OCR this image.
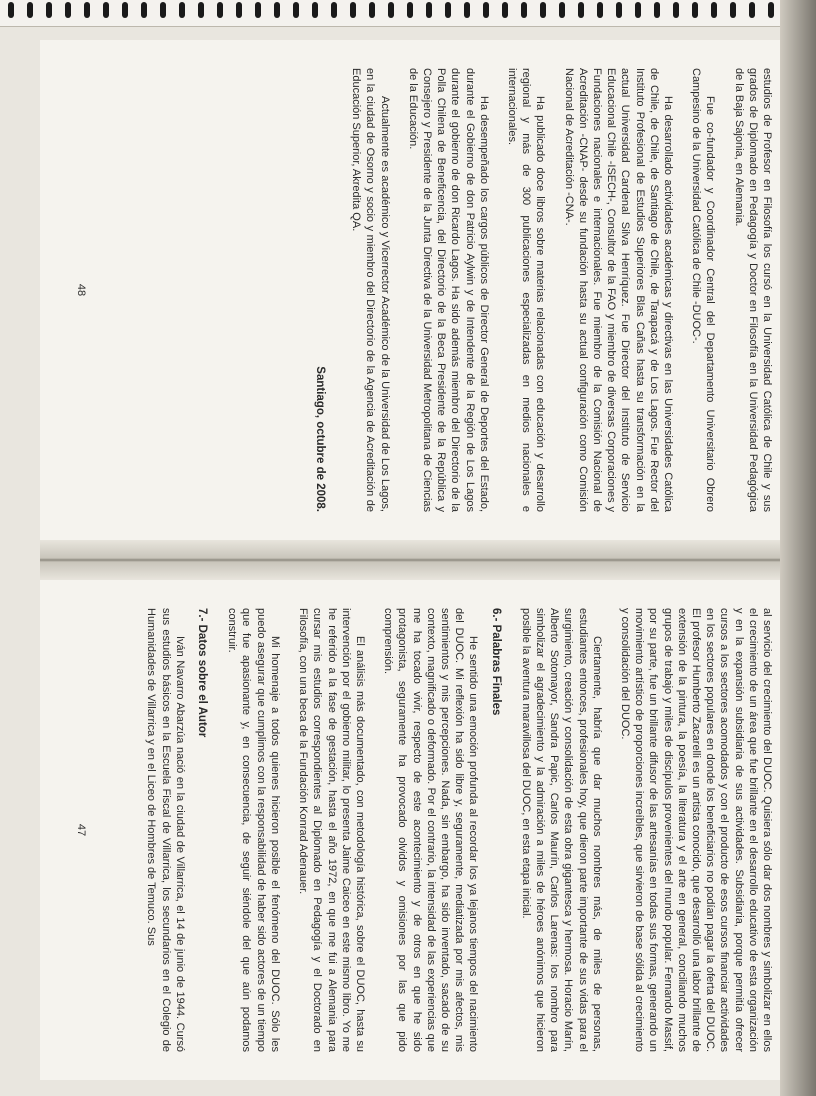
estudios de Profesor en Filosofía los cursó en la Universidad Católica de Chile y sus grados de Diplomado en Pedagogía y Doctor en Filosofía en la Universidad Pedagógica de la Baja Sajonia, en Alemania.

Fue co-fundador y Coordinador Central del Departamento Universitario Obrero Campesino de la Universidad Católica de Chile -DUOC-.

Ha desarrollado actividades académicas y directivas en las Universidades Católica de Chile, de Chile, de Santiago de Chile, de Tarapacá y de Los Lagos. Fue Rector del Instituto Profesional de Estudios Superiores Blas Cañas hasta su transformación en la actual Universidad Cardenal Silva Henríquez. Fue Director del Instituto de Servicio Educacional Chile -ISECH-, Consultor de la FAO y miembro de diversas Corporaciones y Fundaciones nacionales e internacionales. Fue miembro de la Comisión Nacional de Acreditación -CNAP- desde su fundación hasta su actual configuración como Comisión Nacional de Acreditación -CNA-.

Ha publicado doce libros sobre materias relacionadas con educación y desarrollo regional y más de 300 publicaciones especializadas en medios nacionales e internacionales.

Ha desempeñado los cargos públicos de Director General de Deportes del Estado, durante el Gobierno de don Patricio Aylwin y de Intendente de la Región de Los Lagos durante el gobierno de don Ricardo Lagos. Ha sido además miembro del Directorio de la Polla Chilena de Beneficencia, del Directorio de la Beca Presidente de la República y Consejero y Presidente de la Junta Directiva de la Universidad Metropolitana de Ciencias de la Educación.

Actualmente es académico y Vicerrector Académico de la Universidad de Los Lagos, en la ciudad de Osorno y socio y miembro del Directorio de la Agencia de Acreditación de Educación Superior, Akredita QA.

Santiago, octubre de 2008.
48

al servicio del crecimiento del DUOC. Quisiera sólo dar dos nombres y simbolizar en ellos el crecimiento de un área que fue brillante en el desarrollo educativo de esta organización y en la expansión subsidiaria de sus actividades. Subsidiaria, porque permitía ofrecer cursos a los sectores acomodados y con el producto de esos cursos financiar actividades en los sectores populares en donde los beneficiarios no podían pagar la oferta del DUOC. El profesor Humberto Zacarelli es un artista conocido, que desarrolló una labor brillante de extensión de la pintura, la poesía, la literatura y el arte en general, conciliando muchos grupos de trabajo y miles de discípulos provenientes del mundo popular. Fernando Massif, por su parte, fue un brillante difusor de las artesanías en todas sus formas, generando un movimiento artístico de proporciones increíbles, que sirvieron de base sólida al crecimiento y consolidación del DUOC.

Ciertamente, habría que dar muchos nombres más, de miles de personas, estudiantes entonces, profesionales hoy, que dieron parte importante de sus vidas para el surgimiento, creación y consolidación de esta obra gigantesca y hermosa. Horacio Marín, Alberto Sotomayor, Sandra Papic, Carlos Maurín, Carlos Larenas: los nombro para simbolizar el agradecimiento y la admiración a miles de héroes anónimos que hicieron posible la aventura maravillosa del DUOC, en esta etapa inicial.

6.- Palabras Finales

He sentido una emoción profunda al recordar los ya lejanos tiempos del nacimiento del DUOC. Mi reflexión ha sido libre y, seguramente, mediatizada por mis afectos, mis sentimientos y mis percepciones. Nada, sin embargo, ha sido inventado, sacado de su contexto, magnificado o deformado. Por el contrario, la intensidad de las experiencias que me ha tocado vivir, respecto de este acontecimiento y de otros en que he sido protagonista, seguramente ha provocado olvidos y omisiones por las que pido comprensión.

El análisis más documentado, con metodología histórica, sobre el DUOC, hasta su intervención por el gobierno militar, lo presenta Jaime Caiceo en este mismo libro. Yo me he referido a la fase de gestación, hasta el año 1972, en que me fui a Alemania para cursar mis estudios correspondientes al Diplomado en Pedagogía y el Doctorado en Filosofía, con una beca de la Fundación Konrad Adenauer.

Mi homenaje a todos quienes hicieron posible el fenómeno del DUOC. Sólo les puedo asegurar que cumplimos con la responsabilidad de haber sido actores de un tiempo que fue apasionante y, en consecuencia, de seguir siéndole del que aún podamos construir.

7.- Datos sobre el Autor

Iván Navarro Abarzúa nació en la ciudad de Villarrica, el 14 de junio de 1944. Cursó sus estudios básicos en la Escuela Fiscal de Villarrica, los secundarios en el Colegio de Humanidades de Villarrica y en el Liceo de Hombres de Temuco. Sus

47
